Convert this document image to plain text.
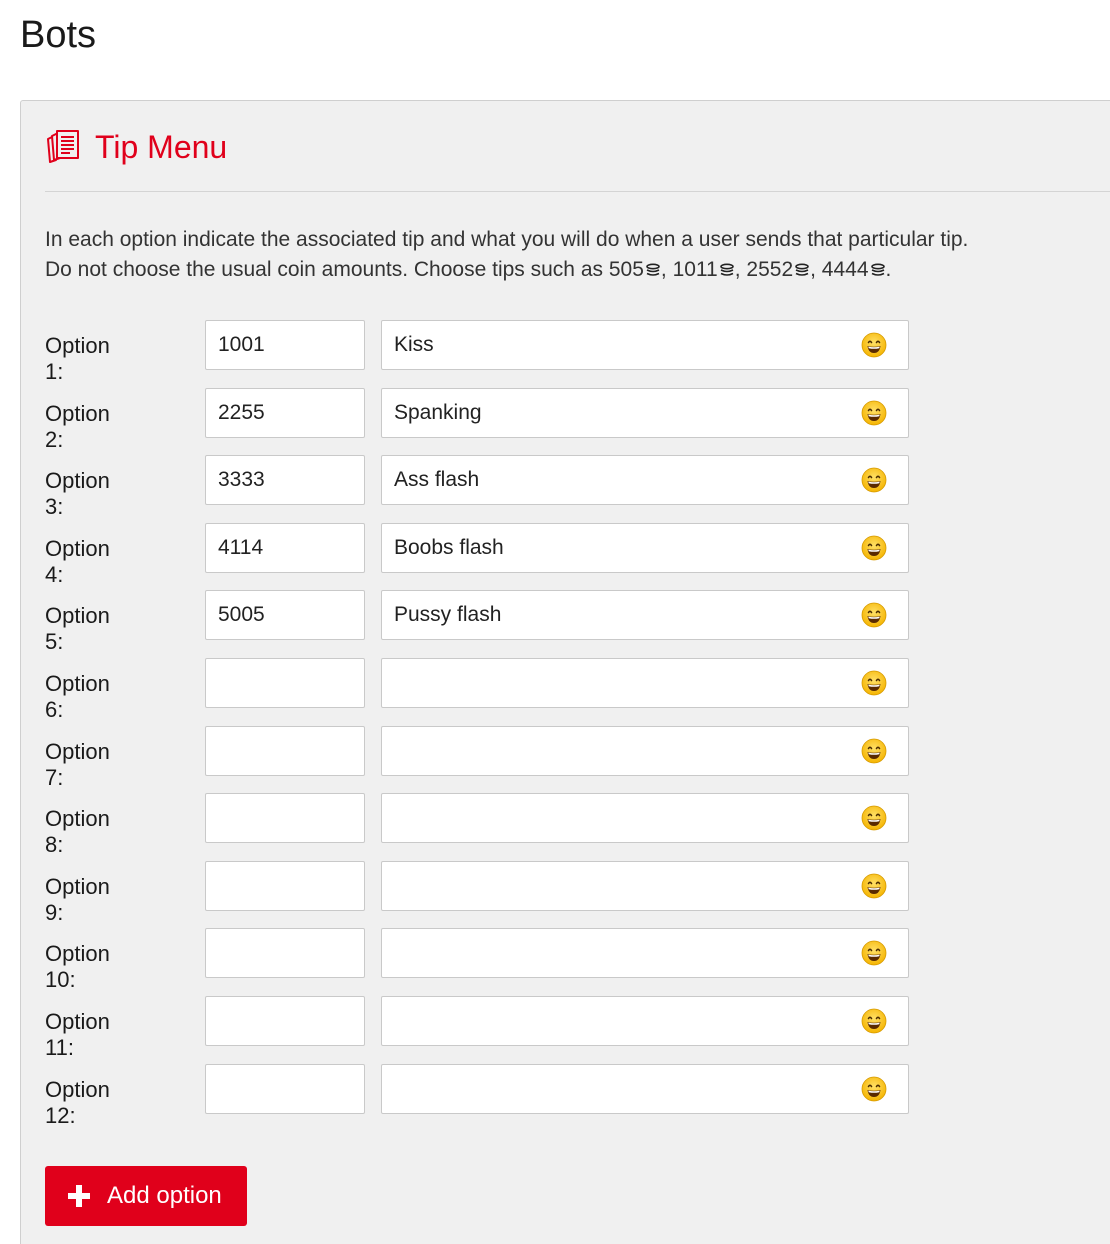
Bots
Tip Menu

In each option indicate the associated tip and what you will do when a user sends that particular tip.

Do not choose the usual coin amounts. Choose tips such as 505 , 1011 , 2552 , 4444 .

Option 1:
1001
Kiss
Option 2:
2255
Spanking
Option 3:
3333
Ass flash
Option 4:
4114
Boobs flash
Option 5:
5005
Pussy flash
Option 6:
Option 7:
Option 8:
Option 9:
Option 10:
Option 11:
Option 12:
Add option
